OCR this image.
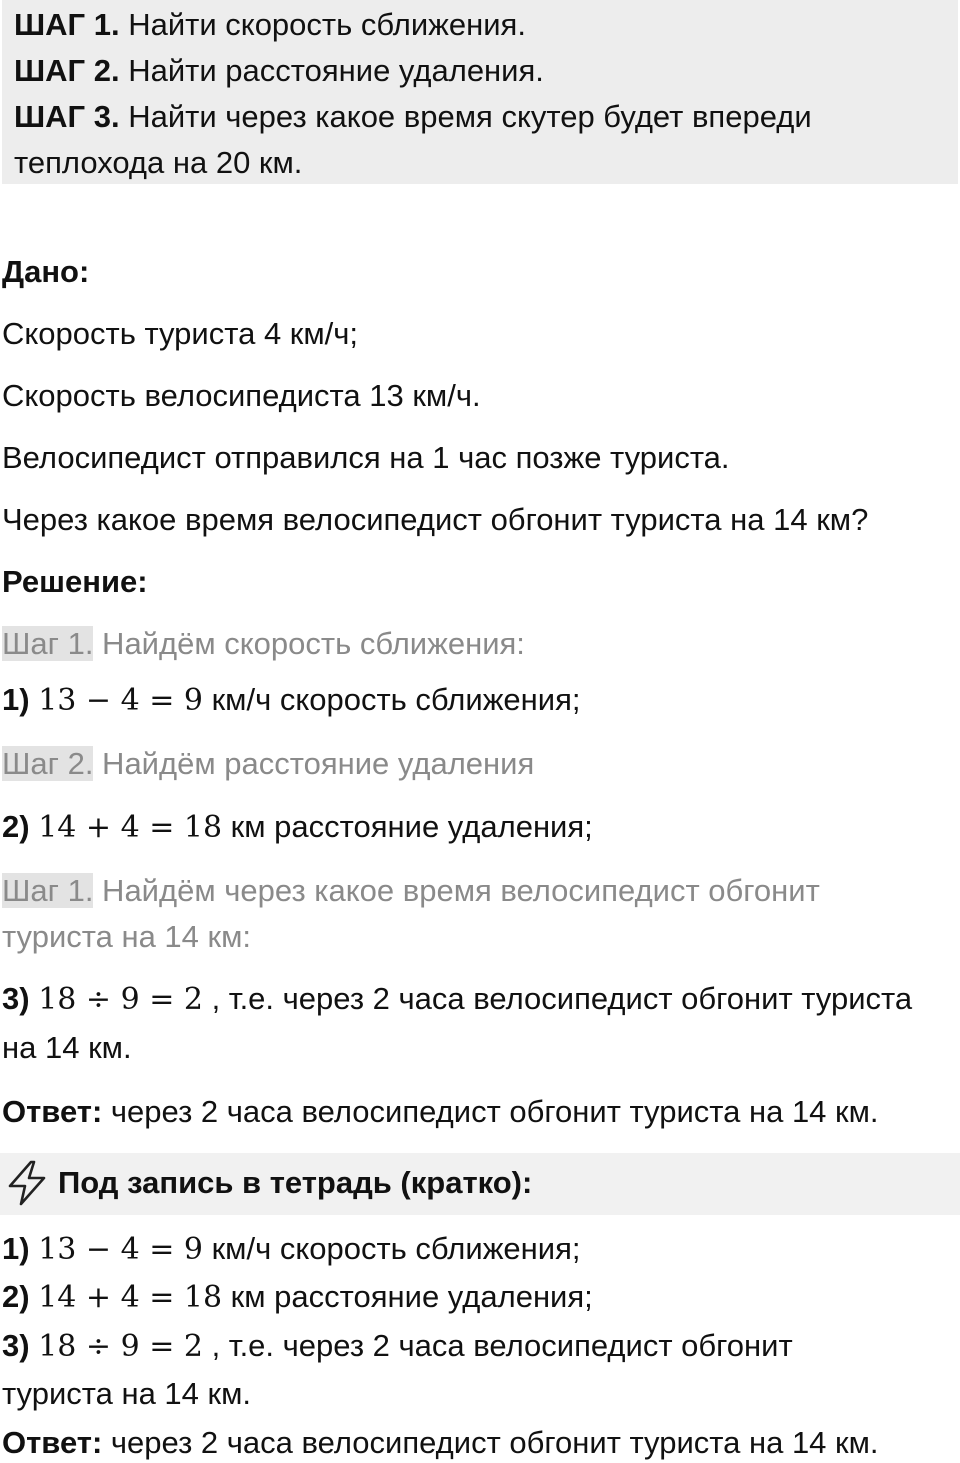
ШАГ 1. Найти скорость сближения.

ШАГ 2. Найти расстояние удаления.

ШАГ 3. Найти через какое время скутер будет впереди

теплохода на 20 км.

Дано:

Скорость туриста 4 км/ч;

Скорость велосипедиста 13 км/ч.

Велосипедист отправился на 1 час позже туриста.

Через какое время велосипедист обгонит туриста на 14 км?

Решение:

Шаг 1. Найдём скорость сближения:

1) 13 − 4 = 9 км/ч скорость сближения;

Шаг 2. Найдём расстояние удаления

2) 14 + 4 = 18 км расстояние удаления;

Шаг 1. Найдём через какое время велосипедист обгонит

туриста на 14 км:

3) 18 ÷ 9 = 2 , т.е. через 2 часа велосипедист обгонит туриста

на 14 км.

Ответ: через 2 часа велосипедист обгонит туриста на 14 км.

Под запись в тетрадь (кратко):

1) 13 − 4 = 9 км/ч скорость сближения;

2) 14 + 4 = 18 км расстояние удаления;

3) 18 ÷ 9 = 2 , т.е. через 2 часа велосипедист обгонит

туриста на 14 км.

Ответ: через 2 часа велосипедист обгонит туриста на 14 км.
